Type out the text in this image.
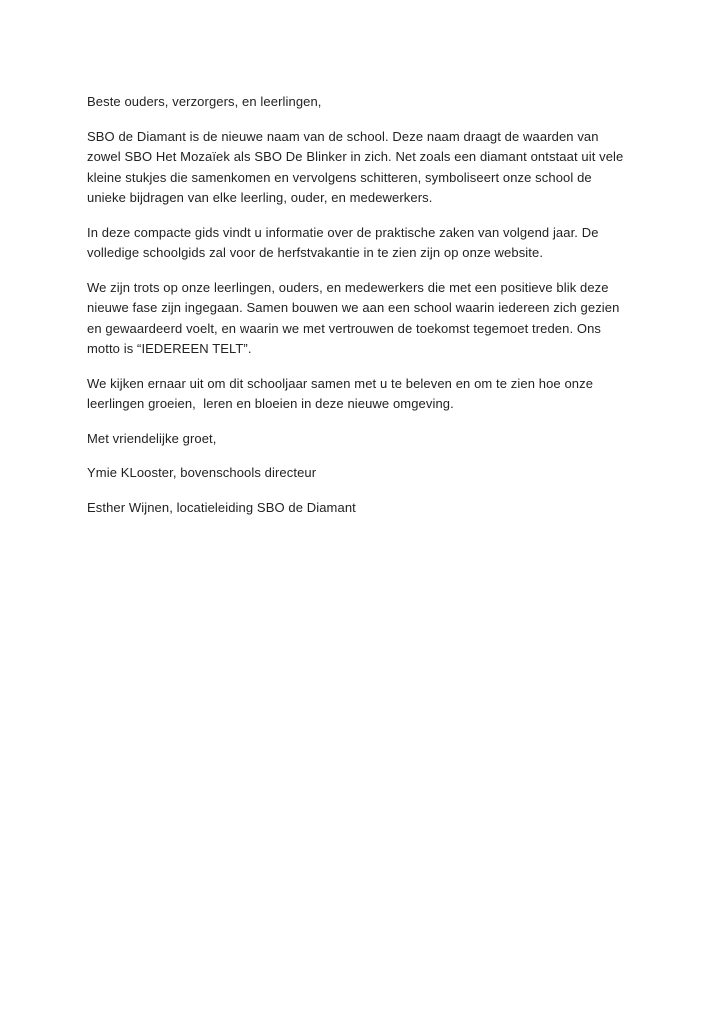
Beste ouders, verzorgers, en leerlingen,

SBO de Diamant is de nieuwe naam van de school. Deze naam draagt de waarden van zowel SBO Het Mozaïek als SBO De Blinker in zich. Net zoals een diamant ontstaat uit vele kleine stukjes die samenkomen en vervolgens schitteren, symboliseert onze school de unieke bijdragen van elke leerling, ouder, en medewerkers.

In deze compacte gids vindt u informatie over de praktische zaken van volgend jaar. De volledige schoolgids zal voor de herfstvakantie in te zien zijn op onze website.

We zijn trots op onze leerlingen, ouders, en medewerkers die met een positieve blik deze nieuwe fase zijn ingegaan. Samen bouwen we aan een school waarin iedereen zich gezien en gewaardeerd voelt, en waarin we met vertrouwen de toekomst tegemoet treden. Ons motto is “IEDEREEN TELT”.

We kijken ernaar uit om dit schooljaar samen met u te beleven en om te zien hoe onze leerlingen groeien,  leren en bloeien in deze nieuwe omgeving.

Met vriendelijke groet,

Ymie KLooster, bovenschools directeur

Esther Wijnen, locatieleiding SBO de Diamant
